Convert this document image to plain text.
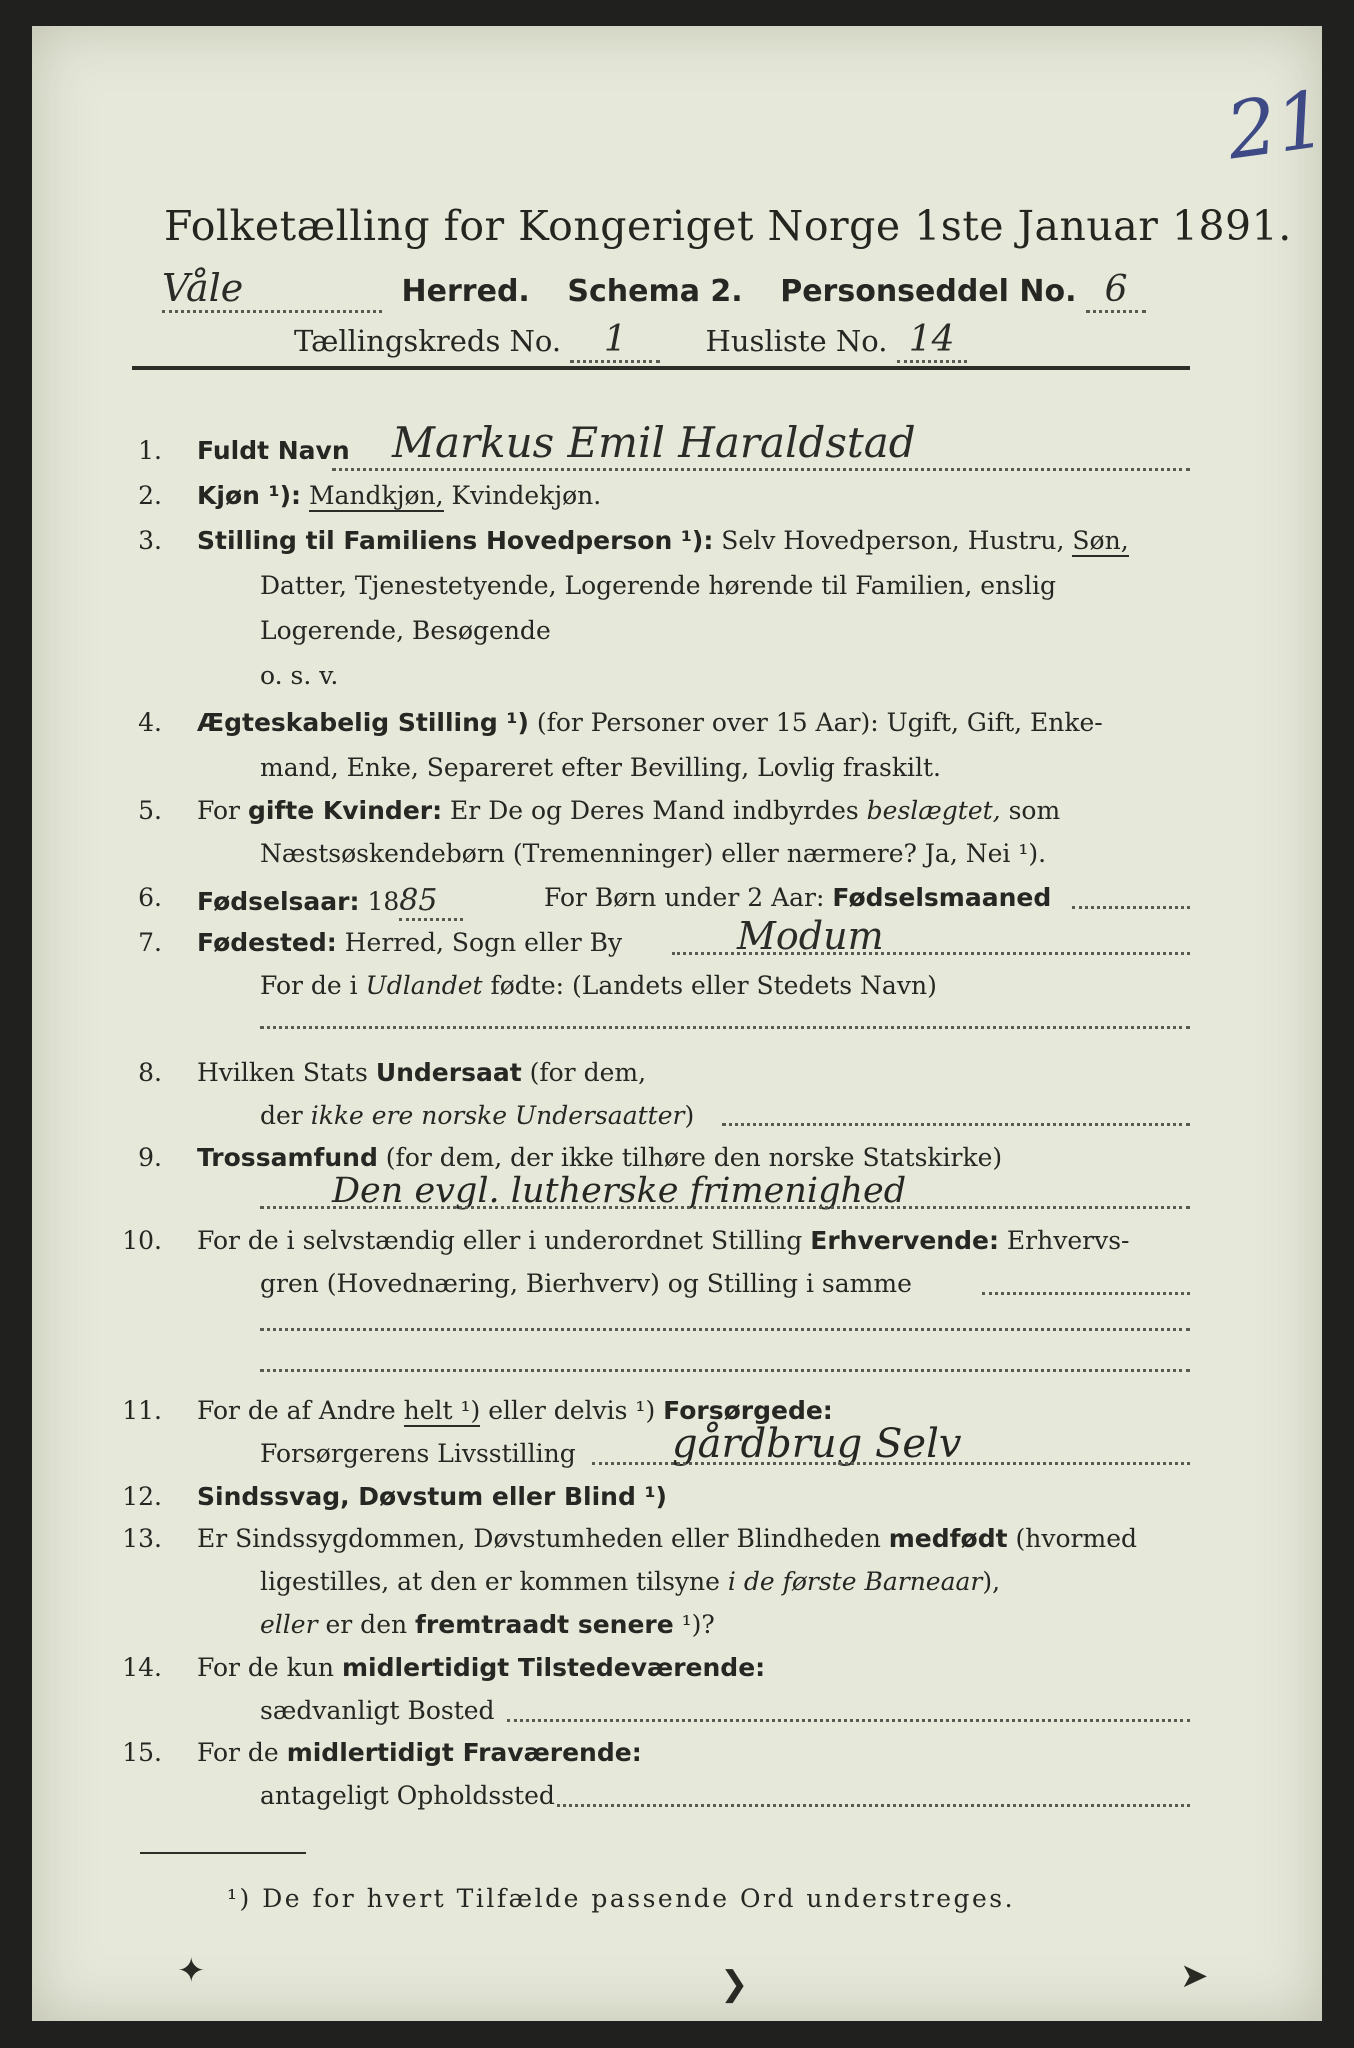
21
Folketælling for Kongeriget Norge 1ste Januar 1891.
Våle	Herred. Schema 2. Personseddel No. 6
Tællingskreds No. 1	Husliste No. 14
1. Fuldt Navn Markus Emil Haraldstad
2. Kjøn ¹): Mandkjøn, Kvindekjøn.
3. Stilling til Familiens Hovedperson ¹): Selv Hovedperson, Hustru, Søn,
Datter, Tjenestetyende, Logerende hørende til Familien, enslig
Logerende, Besøgende
o. s. v.
4. Ægteskabelig Stilling ¹) (for Personer over 15 Aar): Ugift, Gift, Enke-
mand, Enke, Separeret efter Bevilling, Lovlig fraskilt.
5. For gifte Kvinder: Er De og Deres Mand indbyrdes beslægtet, som
Næstsøskendebørn (Tremenninger) eller nærmere? Ja, Nei ¹).
6. Fødselsaar: 1885	For Børn under 2 Aar: Fødselsmaaned
7. Fødested: Herred, Sogn eller By	Modum
For de i Udlandet fødte: (Landets eller Stedets Navn)
8. Hvilken Stats Undersaat (for dem,
der ikke ere norske Undersaatter)
9. Trossamfund (for dem, der ikke tilhøre den norske Statskirke)
Den evgl. lutherske frimenighed
10. For de i selvstændig eller i underordnet Stilling Erhvervende: Erhvervs-
gren (Hovednæring, Bierhverv) og Stilling i samme
11. For de af Andre helt ¹) eller delvis ¹) Forsørgede:
Forsørgerens Livsstilling gårdbrug Selv
12. Sindssvag, Døvstum eller Blind ¹)
13. Er Sindssygdommen, Døvstumheden eller Blindheden medfødt (hvormed
ligestilles, at den er kommen tilsyne i de første Barneaar),
eller er den fremtraadt senere ¹)?
14. For de kun midlertidigt Tilstedeværende:
sædvanligt Bosted
15. For de midlertidigt Fraværende:
antageligt Opholdssted
¹) De for hvert Tilfælde passende Ord understreges.
✦	❯	➤
